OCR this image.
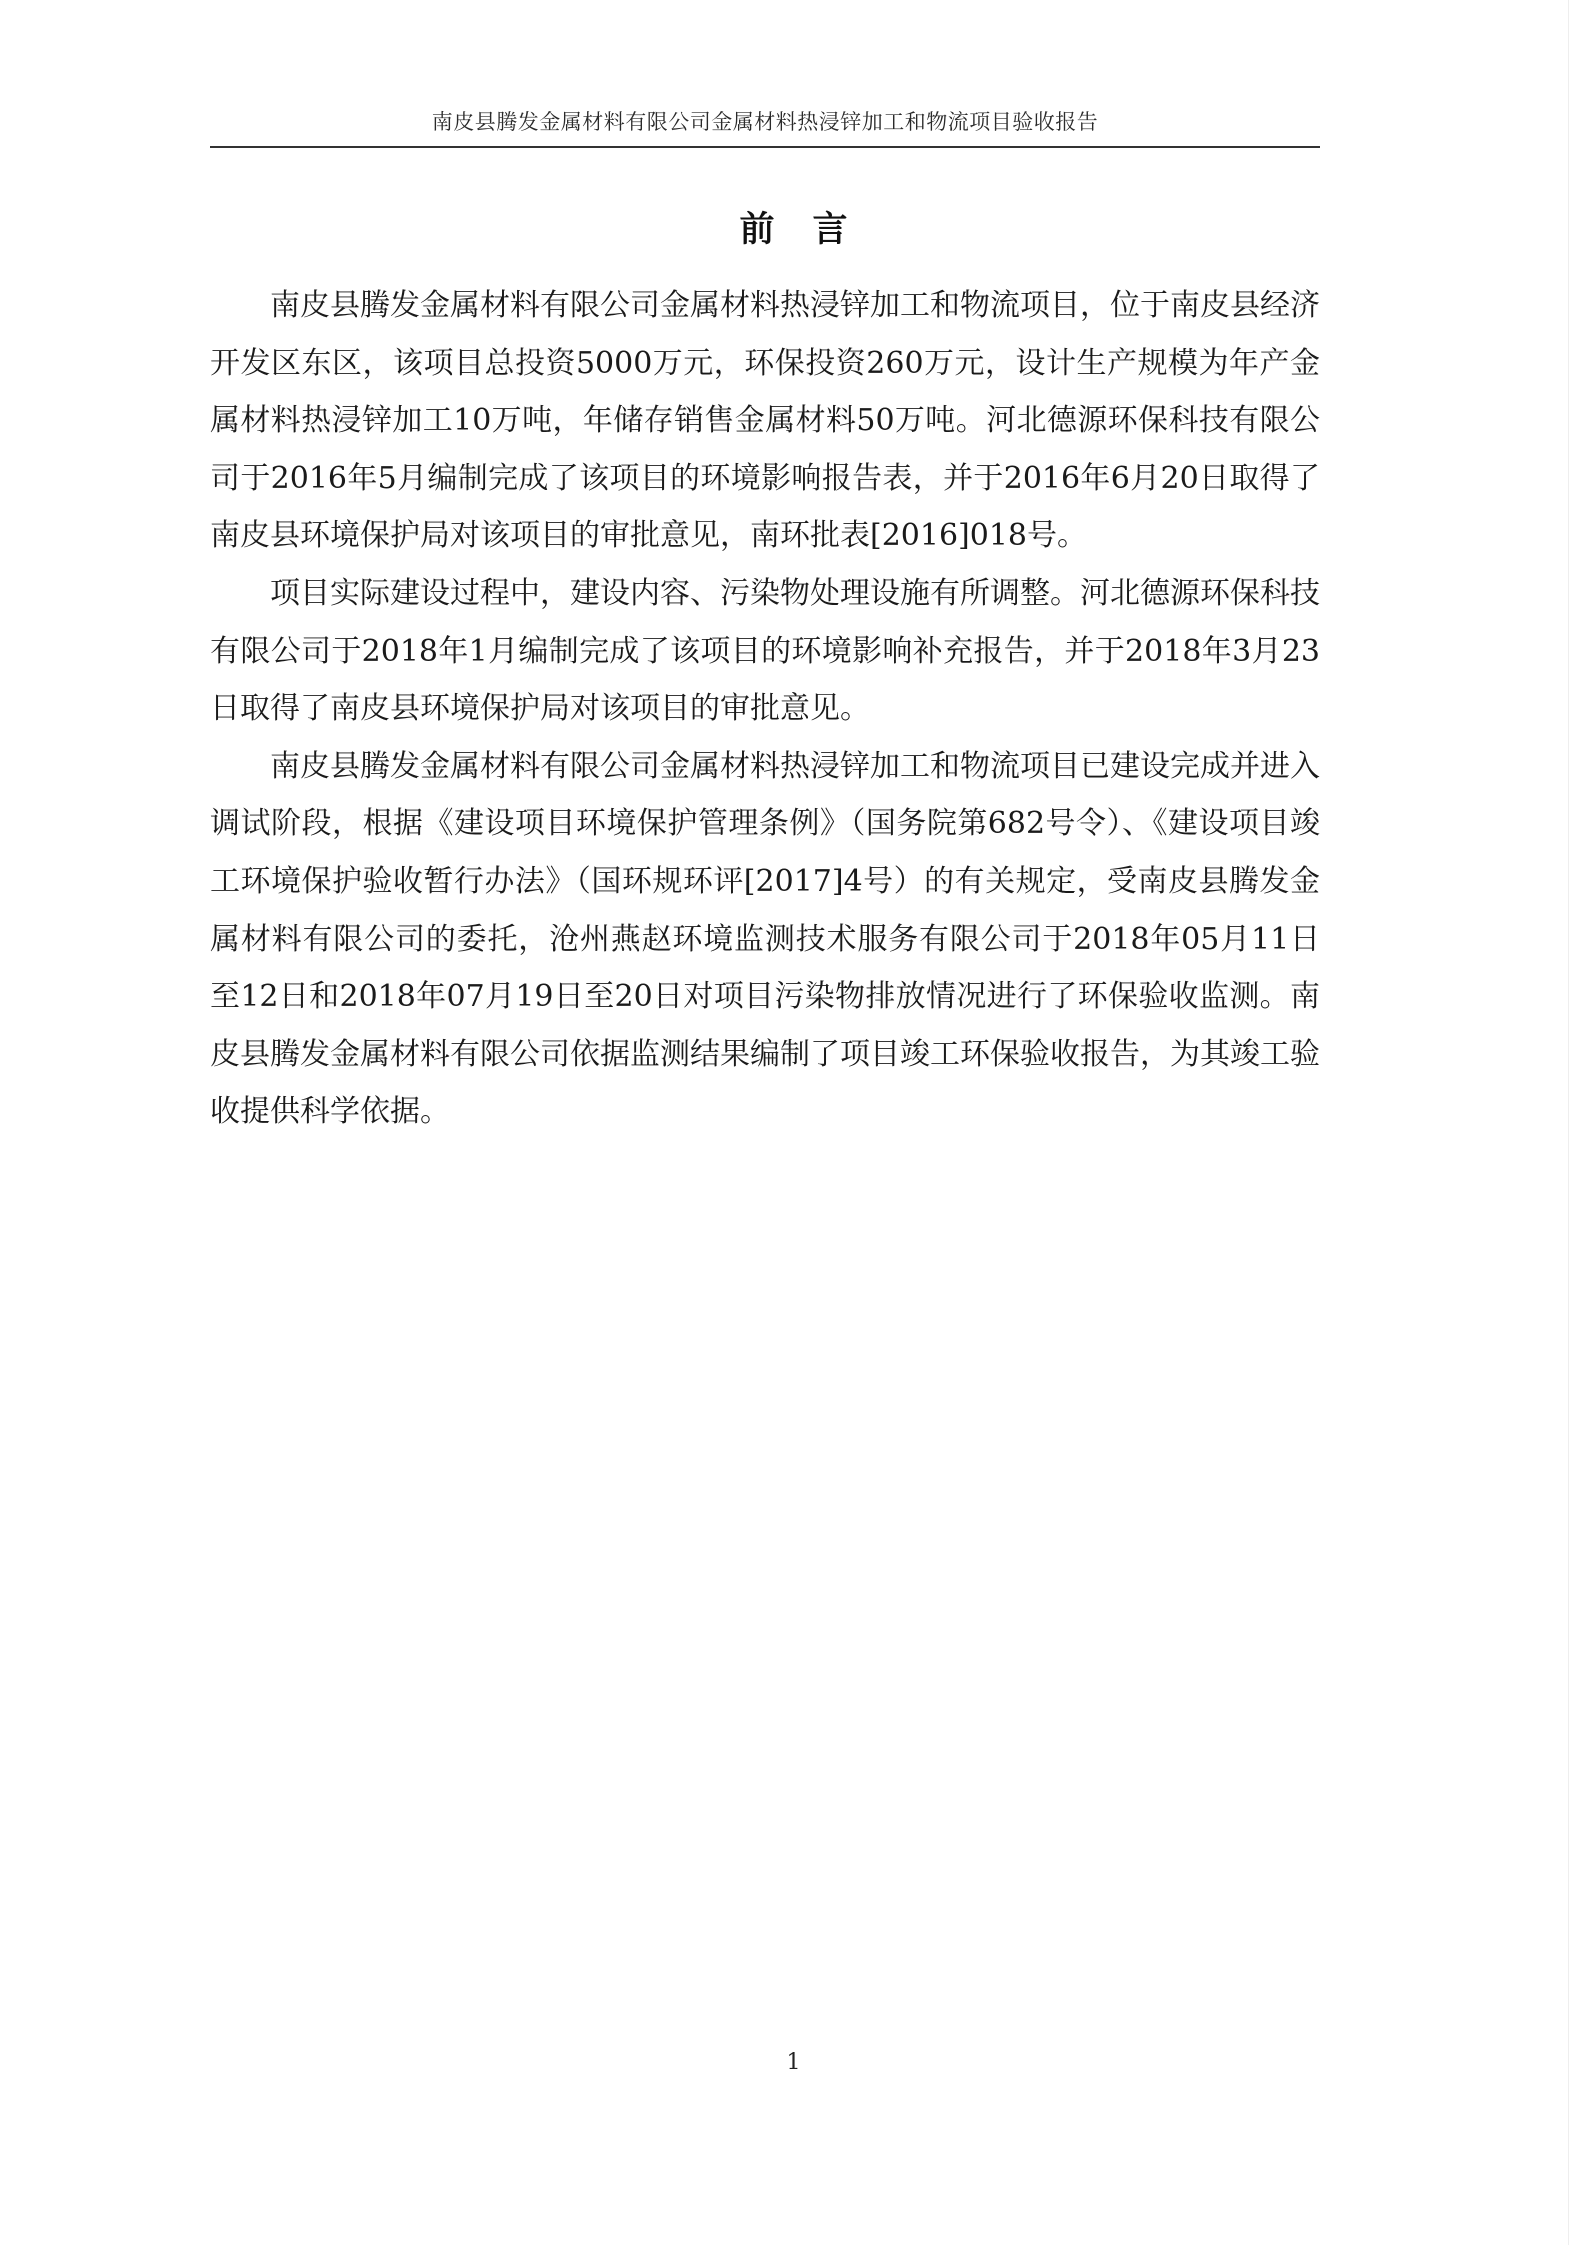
南皮县腾发金属材料有限公司金属材料热浸锌加工和物流项目验收报告
前言

南皮县腾发金属材料有限公司金属材料热浸锌加工和物流项目，位于南皮县经济开发区东区，该项目总投资5000万元，环保投资260万元，设计生产规模为年产金属材料热浸锌加工10万吨，年储存销售金属材料50万吨。河北德源环保科技有限公司于2016年5月编制完成了该项目的环境影响报告表，并于2016年6月20日取得了南皮县环境保护局对该项目的审批意见，南环批表[2016]018号。

项目实际建设过程中，建设内容、污染物处理设施有所调整。河北德源环保科技有限公司于2018年1月编制完成了该项目的环境影响补充报告，并于2018年3月23日取得了南皮县环境保护局对该项目的审批意见。

南皮县腾发金属材料有限公司金属材料热浸锌加工和物流项目已建设完成并进入调试阶段，根据《建设项目环境保护管理条例》（国务院第682号令）、《建设项目竣工环境保护验收暂行办法》（国环规环评[2017]4号）的有关规定，受南皮县腾发金属材料有限公司的委托，沧州燕赵环境监测技术服务有限公司于2018年05月11日至12日和2018年07月19日至20日对项目污染物排放情况进行了环保验收监测。南皮县腾发金属材料有限公司依据监测结果编制了项目竣工环保验收报告，为其竣工验收提供科学依据。

1
